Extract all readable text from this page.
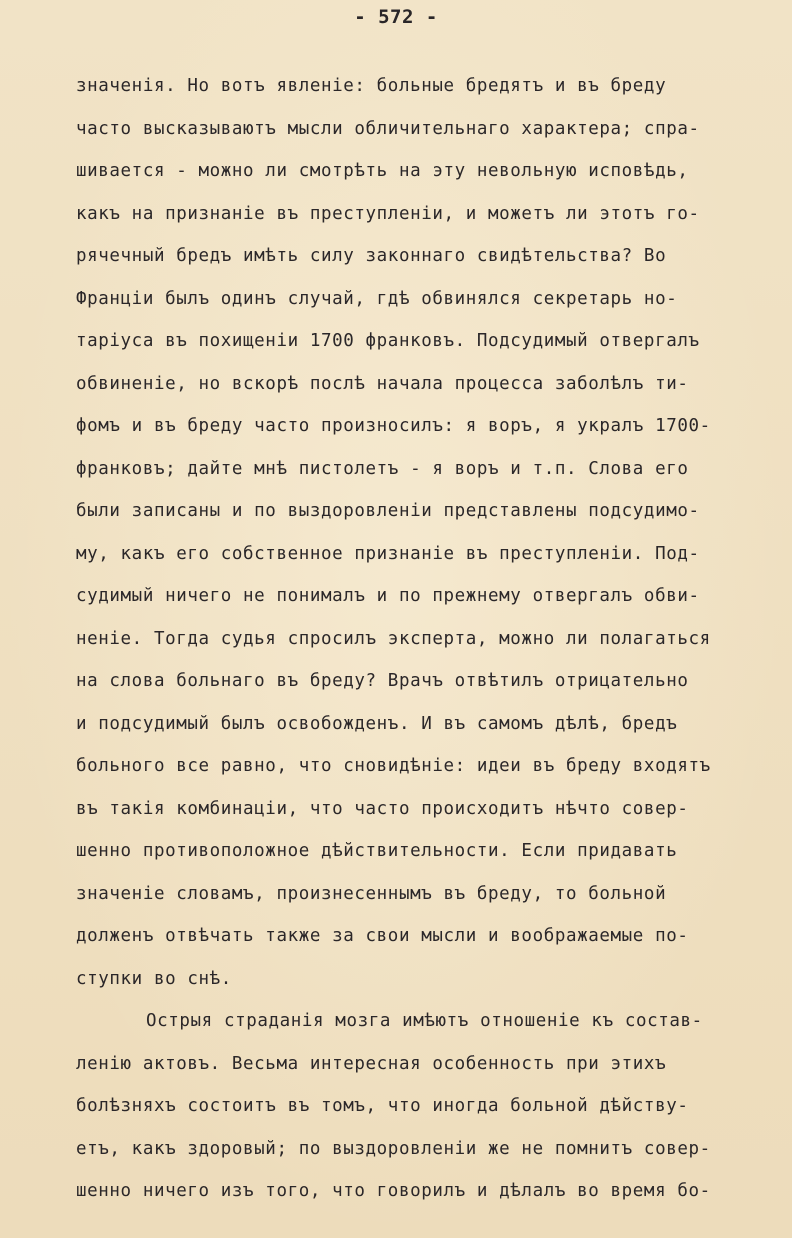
- 572 -
значенiя. Но вотъ явленiе: больные бредятъ и въ бреду
часто высказываютъ мысли обличительнаго характера; спра-
шивается - можно ли смотрѣть на эту невольную исповѣдь,
какъ на признанiе въ преступленiи, и можетъ ли этотъ го-
рячечный бредъ имѣть силу законнаго свидѣтельства? Во
Францiи былъ одинъ случай, гдѣ обвинялся секретарь но-
тарiуса въ похищенiи 1700 франковъ. Подсудимый отвергалъ
обвиненiе, но вскорѣ послѣ начала процесса заболѣлъ ти-
фомъ и въ бреду часто произносилъ: я воръ, я укралъ 1700-
франковъ; дайте мнѣ пистолетъ - я воръ и т.п. Слова его
были записаны и по выздоровленiи представлены подсудимо-
му, какъ его собственное признанiе въ преступленiи. Под-
судимый ничего не понималъ и по прежнему отвергалъ обви-
ненiе. Тогда судья спросилъ эксперта, можно ли полагаться
на слова больнаго въ бреду? Врачъ отвѣтилъ отрицательно
и подсудимый былъ освобожденъ. И въ самомъ дѣлѣ, бредъ
больного все равно, что сновидѣнiе: идеи въ бреду входятъ
въ такiя комбинацiи, что часто происходитъ нѣчто совер-
шенно противоположное дѣйствительности. Если придавать
значенiе словамъ, произнесеннымъ въ бреду, то больной
долженъ отвѣчать также за свои мысли и воображаемые по-
ступки во снѣ.
Острыя страданiя мозга имѣютъ отношенiе къ состав-
ленiю актовъ. Весьма интересная особенность при этихъ
болѣзняхъ состоитъ въ томъ, что иногда больной дѣйству-
етъ, какъ здоровый; по выздоровленiи же не помнитъ совер-
шенно ничего изъ того, что говорилъ и дѣлалъ во время бо-
